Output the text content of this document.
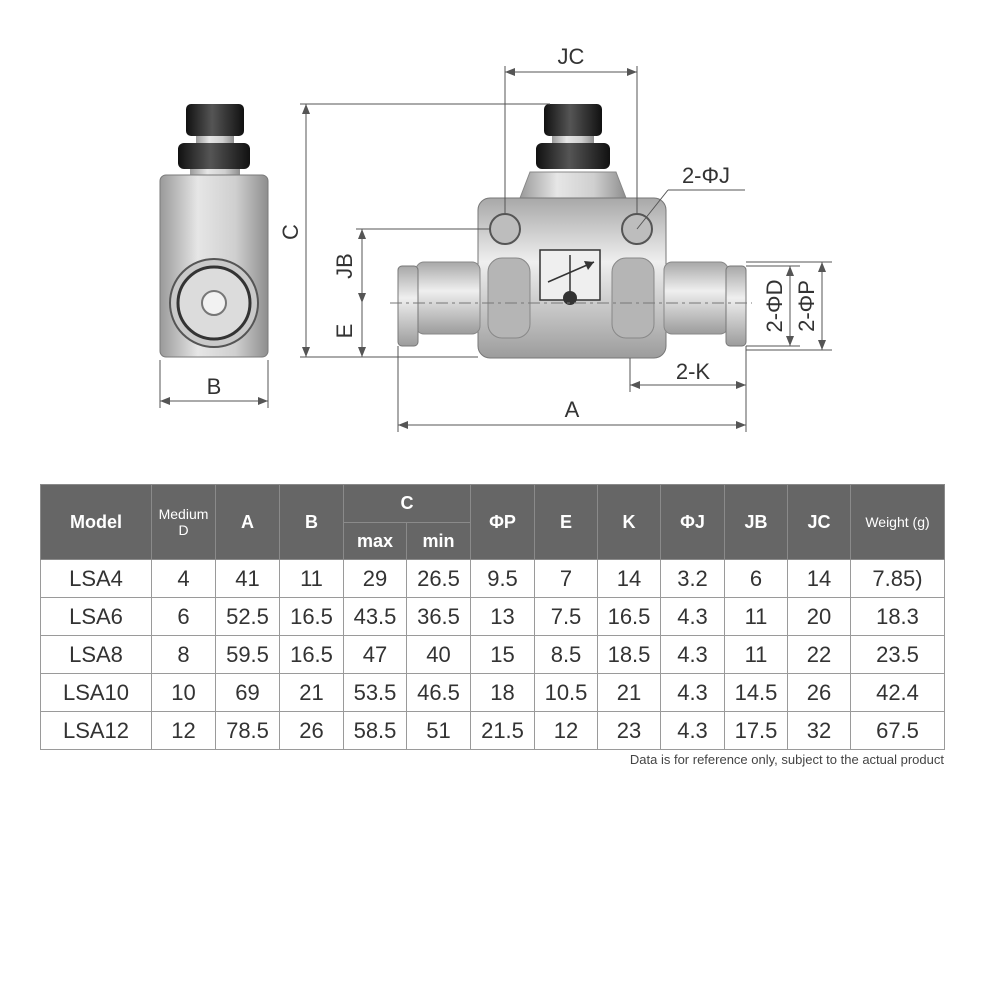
B
JC
C
JB
E
2-ΦJ
2-ΦD 2-ΦP
2-K
A
Model	Medium D	A	B	C		ΦP	E	K	ΦJ	JB	JC	Weight (g)
				max	min							
LSA4	4	41	11	29	26.5	9.5	7	14	3.2	6	14	7.85)
LSA6	6	52.5	16.5	43.5	36.5	13	7.5	16.5	4.3	11	20	18.3
LSA8	8	59.5	16.5	47	40	15	8.5	18.5	4.3	11	22	23.5
LSA10	10	69	21	53.5	46.5	18	10.5	21	4.3	14.5	26	42.4
LSA12	12	78.5	26	58.5	51	21.5	12	23	4.3	17.5	32	67.5
Data is for reference only, subject to the actual product
